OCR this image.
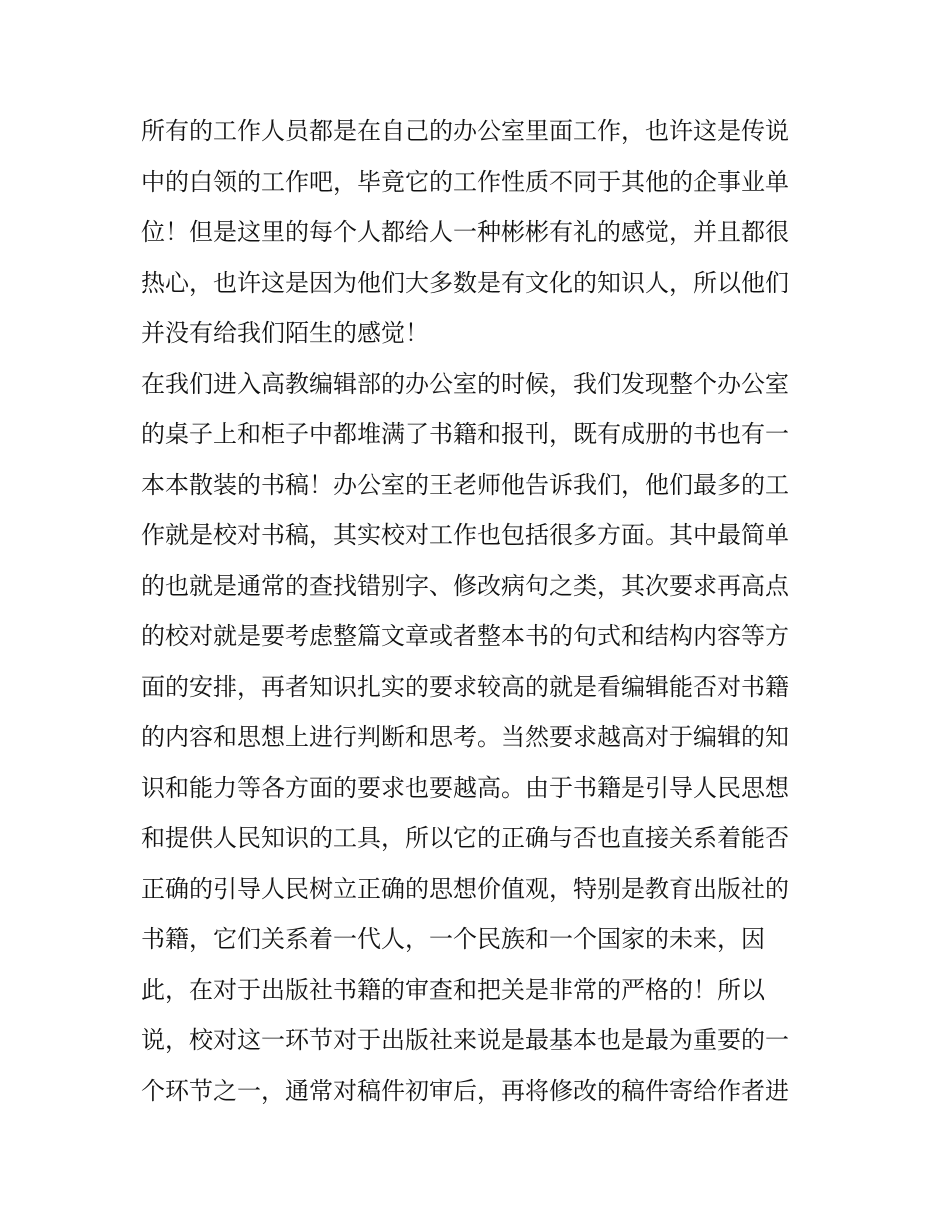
所有的工作人员都是在自己的办公室里面工作，也许这是传说
中的白领的工作吧，毕竟它的工作性质不同于其他的企事业单
位！但是这里的每个人都给人一种彬彬有礼的感觉，并且都很
热心，也许这是因为他们大多数是有文化的知识人，所以他们
并没有给我们陌生的感觉！
在我们进入高教编辑部的办公室的时候，我们发现整个办公室
的桌子上和柜子中都堆满了书籍和报刊，既有成册的书也有一
本本散装的书稿！办公室的王老师他告诉我们，他们最多的工
作就是校对书稿，其实校对工作也包括很多方面。其中最简单
的也就是通常的查找错别字、修改病句之类，其次要求再高点
的校对就是要考虑整篇文章或者整本书的句式和结构内容等方
面的安排，再者知识扎实的要求较高的就是看编辑能否对书籍
的内容和思想上进行判断和思考。当然要求越高对于编辑的知
识和能力等各方面的要求也要越高。由于书籍是引导人民思想
和提供人民知识的工具，所以它的正确与否也直接关系着能否
正确的引导人民树立正确的思想价值观，特别是教育出版社的
书籍，它们关系着一代人，一个民族和一个国家的未来，因
此，在对于出版社书籍的审查和把关是非常的严格的！所以
说，校对这一环节对于出版社来说是最基本也是最为重要的一
个环节之一，通常对稿件初审后，再将修改的稿件寄给作者进
